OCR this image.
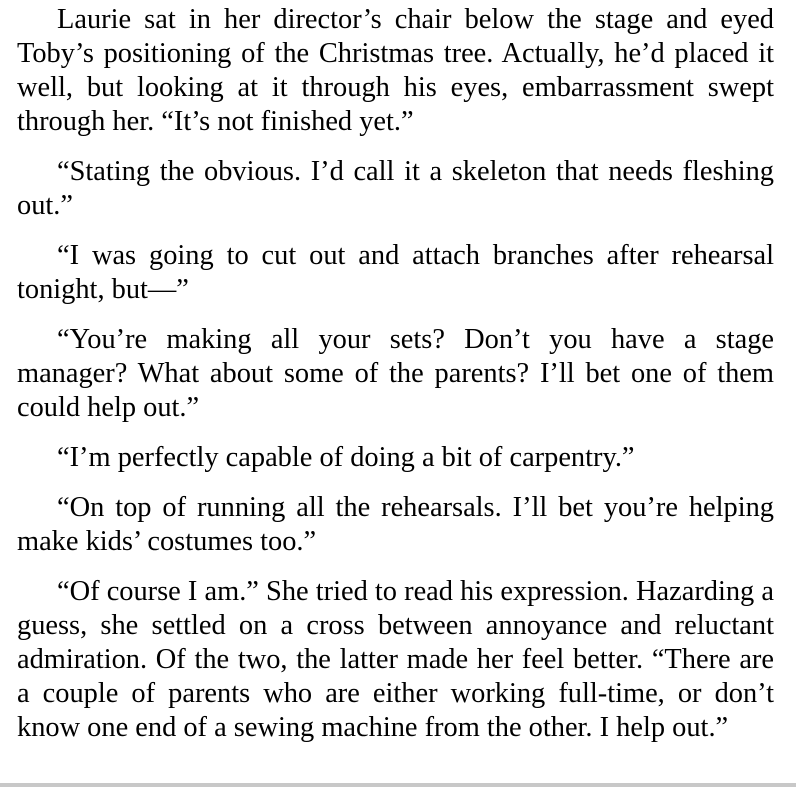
Laurie sat in her director’s chair below the stage and eyed Toby’s positioning of the Christmas tree. Actually, he’d placed it well, but looking at it through his eyes, embarrassment swept through her. “It’s not finished yet.”

“Stating the obvious. I’d call it a skeleton that needs fleshing out.”

“I was going to cut out and attach branches after rehearsal tonight, but—”

“You’re making all your sets? Don’t you have a stage manager? What about some of the parents? I’ll bet one of them could help out.”

“I’m perfectly capable of doing a bit of carpentry.”

“On top of running all the rehearsals. I’ll bet you’re helping make kids’ costumes too.”

“Of course I am.” She tried to read his expression. Hazarding a guess, she settled on a cross between annoyance and reluctant admiration. Of the two, the latter made her feel better. “There are a couple of parents who are either working full-time, or don’t know one end of a sewing machine from the other. I help out.”
